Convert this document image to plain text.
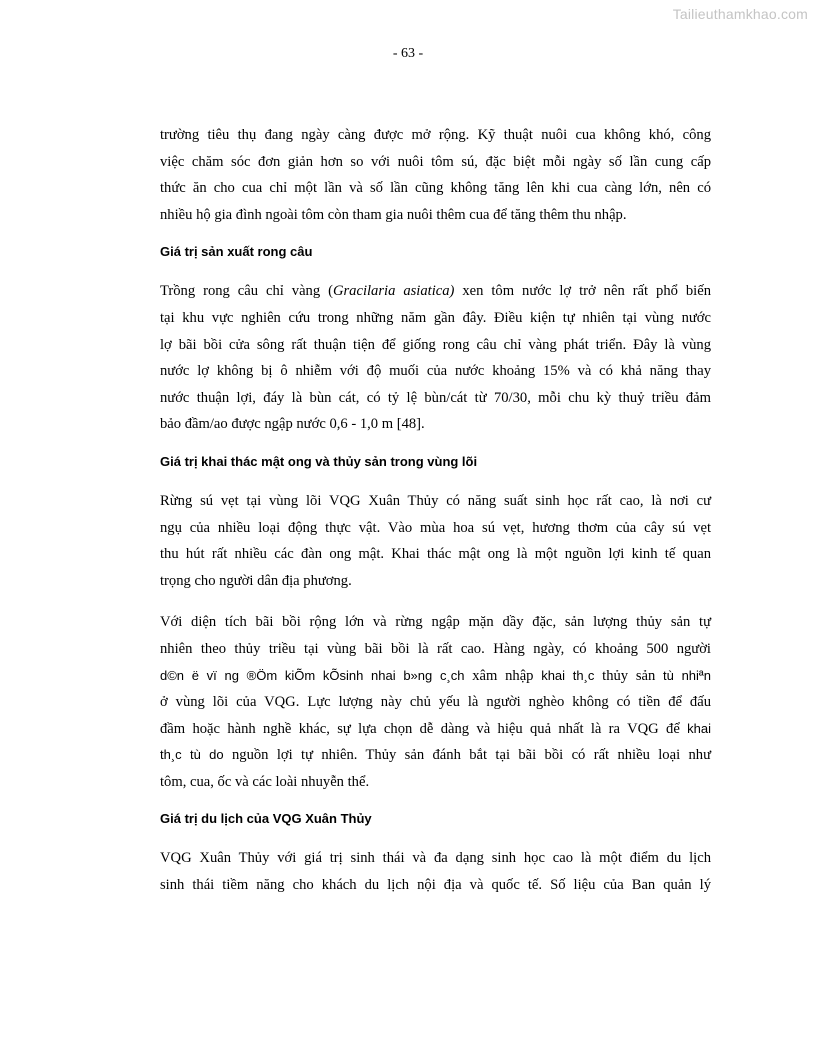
Tailieuthamkhao.com
- 63 -

trường tiêu thụ đang ngày càng được mở rộng. Kỹ thuật nuôi cua không khó, công
việc chăm sóc đơn giản hơn so với nuôi tôm sú, đặc biệt mỗi ngày số lần cung cấp
thức ăn cho cua chỉ một lần và số lần cũng không tăng lên khi cua càng lớn, nên có
nhiều hộ gia đình ngoài tôm còn tham gia nuôi thêm cua để tăng thêm thu nhập.

Giá trị sản xuất rong câu

Trồng rong câu chỉ vàng (Gracilaria asiatica) xen tôm nước lợ trở nên rất phổ biến
tại khu vực nghiên cứu trong những năm gần đây. Điều kiện tự nhiên tại vùng nước
lợ bãi bồi cửa sông rất thuận tiện để giống rong câu chỉ vàng phát triển. Đây là vùng
nước lợ không bị ô nhiễm với độ muối của nước khoảng 15% và có khả năng thay
nước thuận lợi, đáy là bùn cát, có tỷ lệ bùn/cát từ 70/30, mỗi chu kỳ thuỷ triều đảm
bảo đầm/ao được ngập nước 0,6 - 1,0 m [48].

Giá trị khai thác mật ong và thủy sản trong vùng lõi

Rừng sú vẹt tại vùng lõi VQG Xuân Thủy có năng suất sinh học rất cao, là nơi cư
ngụ của nhiều loại động thực vật. Vào mùa hoa sú vẹt, hương thơm của cây sú vẹt
thu hút rất nhiều các đàn ong mật. Khai thác mật ong là một nguồn lợi kinh tế quan
trọng cho người dân địa phương.

Với diện tích bãi bồi rộng lớn và rừng ngập mặn dầy đặc, sản lượng thủy sản tự
nhiên theo thủy triều tại vùng bãi bồi là rất cao. Hàng ngày, có khoảng 500 người
d©n ë vï ng ®Öm kiÕm kÕsinh nhai b»ng c¸ch xâm nhập khai th¸c thủy sản tù nhiªn
ở vùng lõi của VQG. Lực lượng này chủ yếu là người nghèo không có tiền để đấu
đầm hoặc hành nghề khác, sự lựa chọn dễ dàng và hiệu quả nhất là ra VQG để khai
th¸c tù do nguồn lợi tự nhiên. Thủy sản đánh bắt tại bãi bồi có rất nhiều loại như
tôm, cua, ốc và các loài nhuyễn thể.

Giá trị du lịch của VQG Xuân Thủy

VQG Xuân Thủy với giá trị sinh thái và đa dạng sinh học cao là một điểm du lịch
sinh thái tiềm năng cho khách du lịch nội địa và quốc tế. Số liệu của Ban quản lý
